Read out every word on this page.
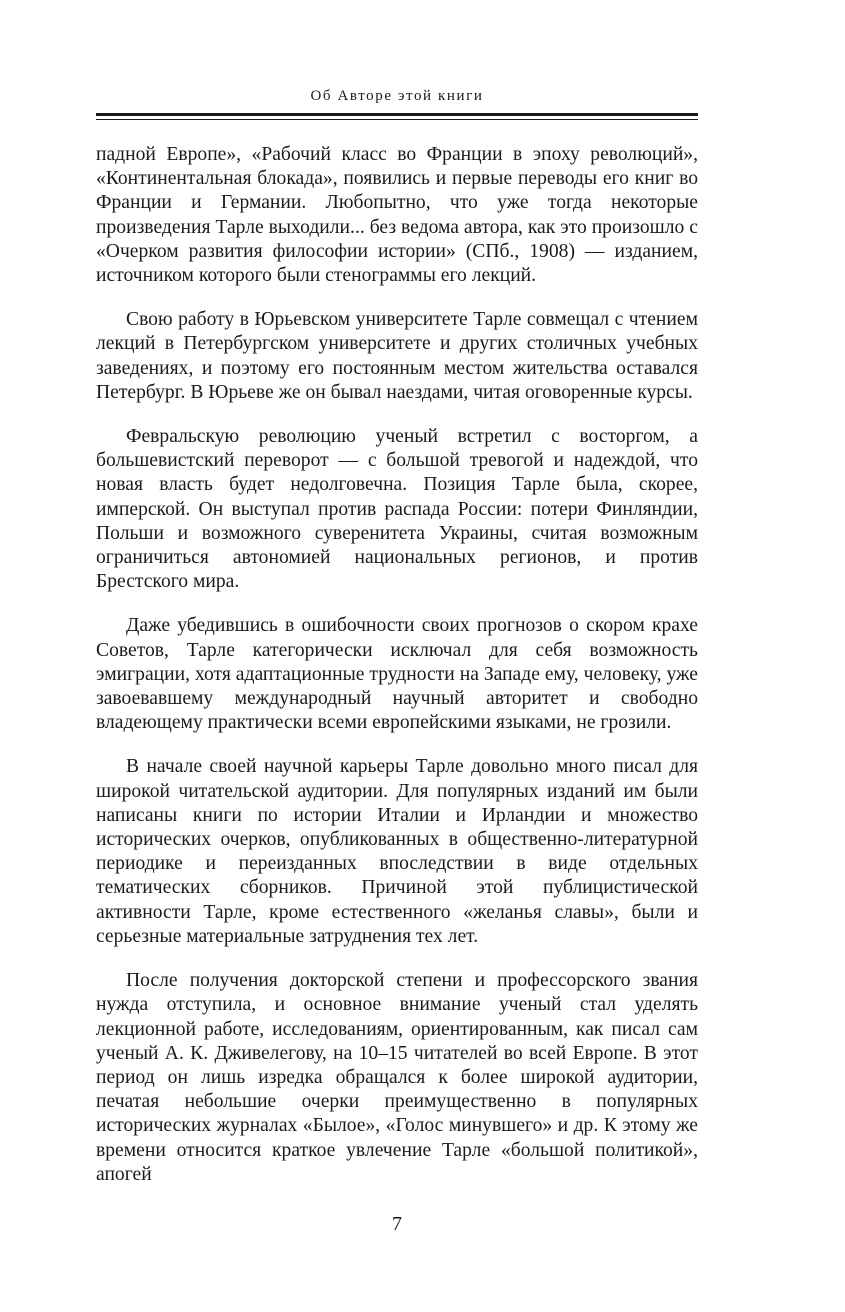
Об Авторе этой книги

падной Европе», «Рабочий класс во Франции в эпоху революций», «Континентальная блокада», появились и первые переводы его книг во Франции и Германии. Любопытно, что уже тогда некоторые произведения Тарле выходили... без ведома автора, как это произошло с «Очерком развития философии истории» (СПб., 1908) — изданием, источником которого были стенограммы его лекций.

Свою работу в Юрьевском университете Тарле совмещал с чтением лекций в Петербургском университете и других столичных учебных заведениях, и поэтому его постоянным местом жительства оставался Петербург. В Юрьеве же он бывал наездами, читая оговоренные курсы.

Февральскую революцию ученый встретил с восторгом, а большевистский переворот — с большой тревогой и надеждой, что новая власть будет недолговечна. Позиция Тарле была, скорее, имперской. Он выступал против распада России: потери Финляндии, Польши и возможного суверенитета Украины, считая возможным ограничиться автономией национальных регионов, и против Брестского мира.

Даже убедившись в ошибочности своих прогнозов о скором крахе Советов, Тарле категорически исключал для себя возможность эмиграции, хотя адаптационные трудности на Западе ему, человеку, уже завоевавшему международный научный авторитет и свободно владеющему практически всеми европейскими языками, не грозили.

В начале своей научной карьеры Тарле довольно много писал для широкой читательской аудитории. Для популярных изданий им были написаны книги по истории Италии и Ирландии и множество исторических очерков, опубликованных в общественно-литературной периодике и переизданных впоследствии в виде отдельных тематических сборников. Причиной этой публицистической активности Тарле, кроме естественного «желанья славы», были и серьезные материальные затруднения тех лет.

После получения докторской степени и профессорского звания нужда отступила, и основное внимание ученый стал уделять лекционной работе, исследованиям, ориентированным, как писал сам ученый А. К. Дживелегову, на 10–15 читателей во всей Европе. В этот период он лишь изредка обращался к более широкой аудитории, печатая небольшие очерки преимущественно в популярных исторических журналах «Былое», «Голос минувшего» и др. К этому же времени относится краткое увлечение Тарле «большой политикой», апогей

7
